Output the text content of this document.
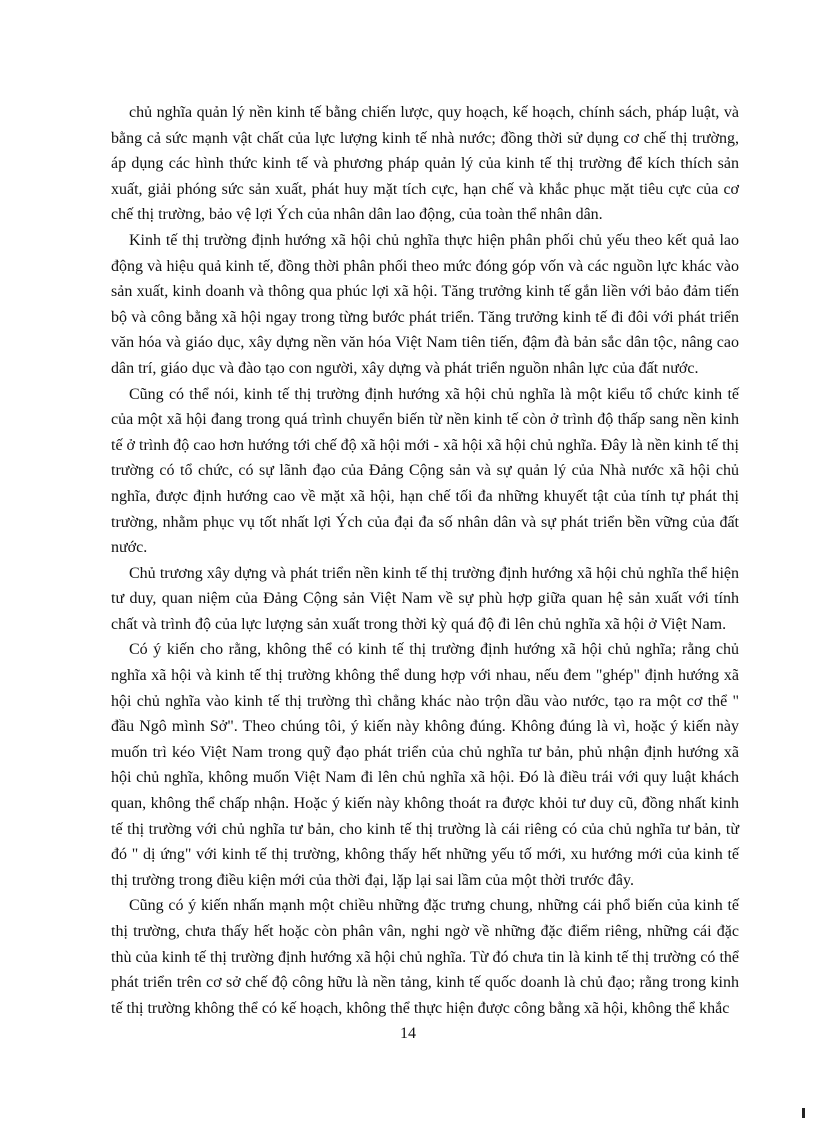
chủ nghĩa quản lý nền kinh tế bằng chiến lược, quy hoạch, kế hoạch, chính sách, pháp luật, và bằng cả sức mạnh vật chất của lực lượng kinh tế nhà nước; đồng thời sử dụng cơ chế thị trường, áp dụng các hình thức kinh tế và phương pháp quản lý của kinh tế thị trường để kích thích sản xuất, giải phóng sức sản xuất, phát huy mặt tích cực, hạn chế và khắc phục mặt tiêu cực của cơ chế thị trường, bảo vệ lợi Ých của nhân dân lao động, của toàn thể nhân dân.

Kinh tế thị trường định hướng xã hội chủ nghĩa thực hiện phân phối chủ yếu theo kết quả lao động và hiệu quả kinh tế, đồng thời phân phối theo mức đóng góp vốn và các nguồn lực khác vào sản xuất, kinh doanh và thông qua phúc lợi xã hội. Tăng trưởng kinh tế gắn liền với bảo đảm tiến bộ và công bằng xã hội ngay trong từng bước phát triển. Tăng trưởng kinh tế đi đôi với phát triển văn hóa và giáo dục, xây dựng nền văn hóa Việt Nam tiên tiến, đậm đà bản sắc dân tộc, nâng cao dân trí, giáo dục và đào tạo con người, xây dựng và phát triển nguồn nhân lực của đất nước.

Cũng có thể nói, kinh tế thị trường định hướng xã hội chủ nghĩa là một kiểu tổ chức kinh tế của một xã hội đang trong quá trình chuyển biến từ nền kinh tế còn ở trình độ thấp sang nền kinh tế ở trình độ cao hơn hướng tới chế độ xã hội mới - xã hội xã hội chủ nghĩa. Đây là nền kinh tế thị trường có tổ chức, có sự lãnh đạo của Đảng Cộng sản và sự quản lý của Nhà nước xã hội chủ nghĩa, được định hướng cao về mặt xã hội, hạn chế tối đa những khuyết tật của tính tự phát thị trường, nhằm phục vụ tốt nhất lợi Ých của đại đa số nhân dân và sự phát triển bền vững của đất nước.

Chủ trương xây dựng và phát triển nền kinh tế thị trường định hướng xã hội chủ nghĩa thể hiện tư duy, quan niệm của Đảng Cộng sản Việt Nam về sự phù hợp giữa quan hệ sản xuất với tính chất và trình độ của lực lượng sản xuất trong thời kỳ quá độ đi lên chủ nghĩa xã hội ở Việt Nam.

Có ý kiến cho rằng, không thể có kinh tế thị trường định hướng xã hội chủ nghĩa; rằng chủ nghĩa xã hội và kinh tế thị trường không thể dung hợp với nhau, nếu đem "ghép" định hướng xã hội chủ nghĩa vào kinh tế thị trường thì chẳng khác nào trộn dầu vào nước, tạo ra một cơ thể " đầu Ngô mình Sở". Theo chúng tôi, ý kiến này không đúng. Không đúng là vì, hoặc ý kiến này muốn trì kéo Việt Nam trong quỹ đạo phát triển của chủ nghĩa tư bản, phủ nhận định hướng xã hội chủ nghĩa, không muốn Việt Nam đi lên chủ nghĩa xã hội. Đó là điều trái với quy luật khách quan, không thể chấp nhận. Hoặc ý kiến này không thoát ra được khỏi tư duy cũ, đồng nhất kinh tế thị trường với chủ nghĩa tư bản, cho kinh tế thị trường là cái riêng có của chủ nghĩa tư bản, từ đó " dị ứng" với kinh tế thị trường, không thấy hết những yếu tố mới, xu hướng mới của kinh tế thị trường trong điều kiện mới của thời đại, lặp lại sai lầm của một thời trước đây.

Cũng có ý kiến nhấn mạnh một chiều những đặc trưng chung, những cái phổ biến của kinh tế thị trường, chưa thấy hết hoặc còn phân vân, nghi ngờ về những đặc điểm riêng, những cái đặc thù của kinh tế thị trường định hướng xã hội chủ nghĩa. Từ đó chưa tin là kinh tế thị trường có thể phát triển trên cơ sở chế độ công hữu là nền tảng, kinh tế quốc doanh là chủ đạo; rằng trong kinh tế thị trường không thể có kế hoạch, không thể thực hiện được công bằng xã hội, không thể khắc

14
